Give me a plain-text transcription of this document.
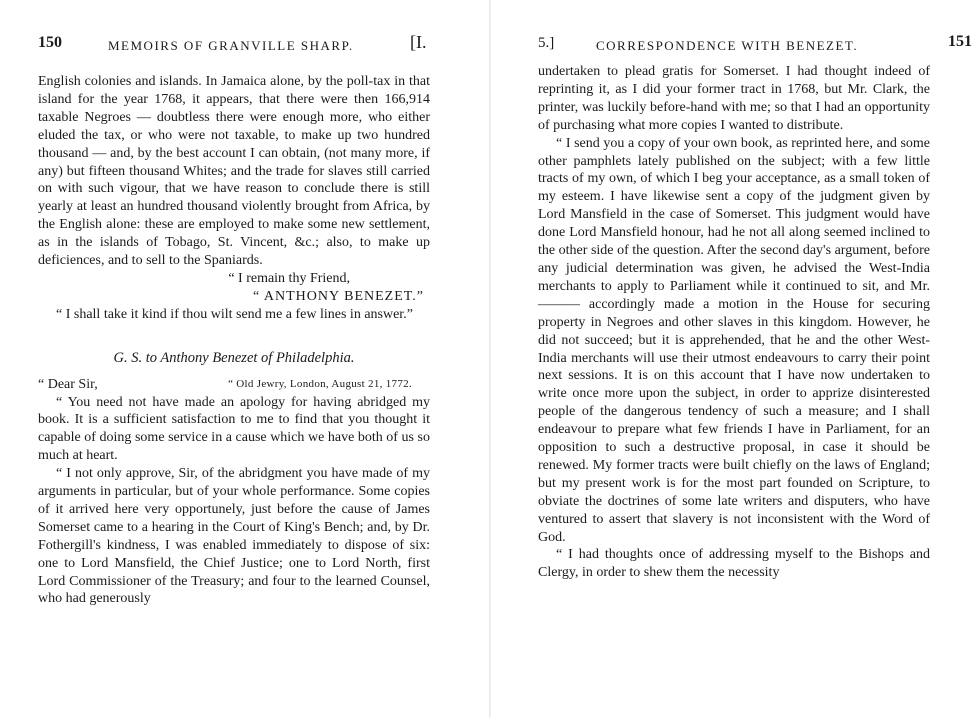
150	MEMOIRS OF GRANVILLE SHARP.	[I.

English colonies and islands. In Jamaica alone, by the poll-tax in that island for the year 1768, it appears, that there were then 166,914 taxable Negroes — doubtless there were enough more, who either eluded the tax, or who were not taxable, to make up two hundred thousand — and, by the best account I can obtain, (not many more, if any) but fifteen thousand Whites; and the trade for slaves still carried on with such vigour, that we have reason to conclude there is still yearly at least an hundred thousand violently brought from Africa, by the English alone: these are employed to make some new settlement, as in the islands of Tobago, St. Vincent, &c.; also, to make up deficiences, and to sell to the Spaniards.

“ I remain thy Friend,

“ ANTHONY BENEZET.”

“ I shall take it kind if thou wilt send me a few lines in answer.”

G. S. to Anthony Benezet of Philadelphia.

“ Dear Sir,	“ Old Jewry, London, August 21, 1772.

“ You need not have made an apology for having abridged my book. It is a sufficient satisfaction to me to find that you thought it capable of doing some service in a cause which we have both of us so much at heart.

“ I not only approve, Sir, of the abridgment you have made of my arguments in particular, but of your whole performance. Some copies of it arrived here very opportunely, just before the cause of James Somerset came to a hearing in the Court of King's Bench; and, by Dr. Fothergill's kindness, I was enabled immediately to dispose of six: one to Lord Mansfield, the Chief Justice; one to Lord North, first Lord Commissioner of the Treasury; and four to the learned Counsel, who had generously

5.]	CORRESPONDENCE WITH BENEZET.	151

undertaken to plead gratis for Somerset. I had thought indeed of reprinting it, as I did your former tract in 1768, but Mr. Clark, the printer, was luckily before-hand with me; so that I had an opportunity of purchasing what more copies I wanted to distribute.

“ I send you a copy of your own book, as reprinted here, and some other pamphlets lately published on the subject; with a few little tracts of my own, of which I beg your acceptance, as a small token of my esteem. I have likewise sent a copy of the judgment given by Lord Mansfield in the case of Somerset. This judgment would have done Lord Mansfield honour, had he not all along seemed inclined to the other side of the question. After the second day's argument, before any judicial determination was given, he advised the West-India merchants to apply to Parliament while it continued to sit, and Mr. ——— accordingly made a motion in the House for securing property in Negroes and other slaves in this kingdom. However, he did not succeed; but it is apprehended, that he and the other West-India merchants will use their utmost endeavours to carry their point next sessions. It is on this account that I have now undertaken to write once more upon the subject, in order to apprize disinterested people of the dangerous tendency of such a measure; and I shall endeavour to prepare what few friends I have in Parliament, for an opposition to such a destructive proposal, in case it should be renewed. My former tracts were built chiefly on the laws of England; but my present work is for the most part founded on Scripture, to obviate the doctrines of some late writers and disputers, who have ventured to assert that slavery is not inconsistent with the Word of God.

“ I had thoughts once of addressing myself to the Bishops and Clergy, in order to shew them the necessity
